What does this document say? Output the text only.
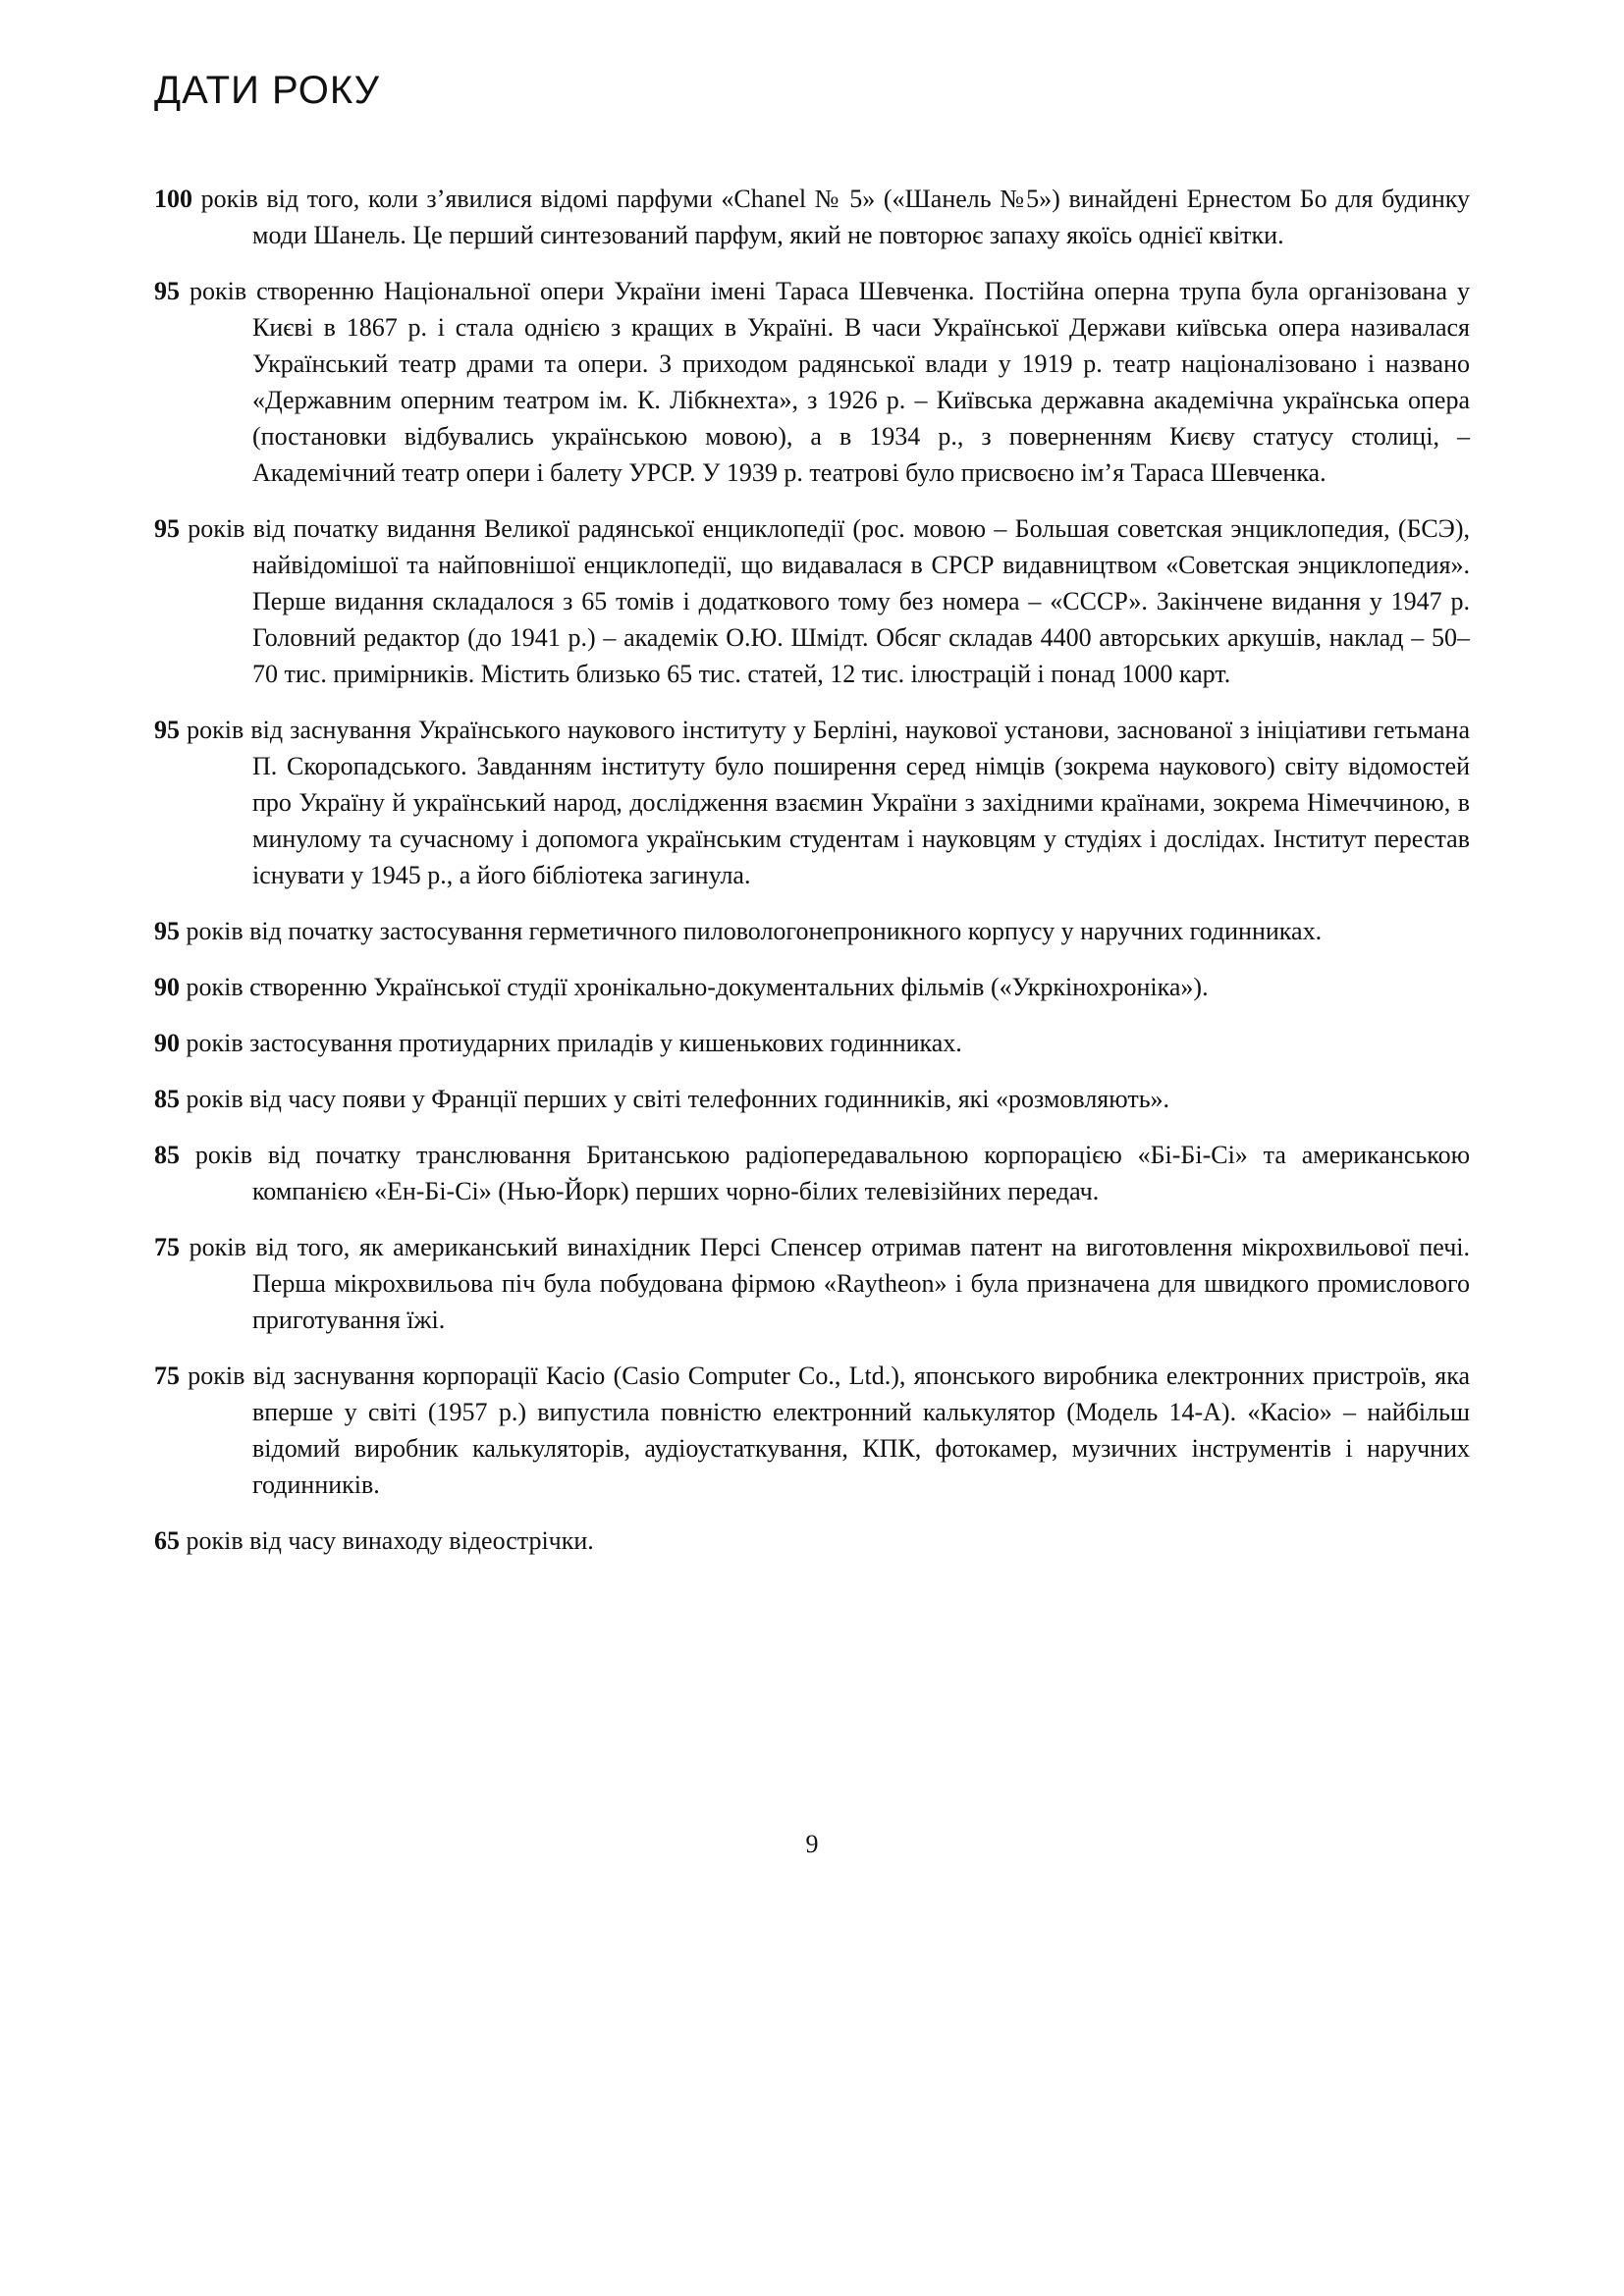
ДАТИ РОКУ

100 років від того, коли з’явилися відомі парфуми «Chanel № 5» («Шанель №5») винайдені Ернестом Бо для будинку моди Шанель. Це перший синтезований парфум, який не повторює запаху якоїсь однієї квітки.

95 років створенню Національної опери України імені Тараса Шевченка. Постійна оперна трупа була організована у Києві в 1867 р. і стала однією з кращих в Україні. В часи Української Держави київська опера називалася Український театр драми та опери. З приходом радянської влади у 1919 р. театр націоналізовано і названо «Державним оперним театром ім. К. Лібкнехта», з 1926 р. – Київська державна академічна українська опера (постановки відбувались українською мовою), а в 1934 р., з поверненням Києву статусу столиці, – Академічний театр опери і балету УРСР. У 1939 р. театрові було присвоєно ім’я Тараса Шевченка.

95 років від початку видання Великої радянської енциклопедії (рос. мовою – Большая советская энциклопедия, (БСЭ), найвідомішої та найповнішої енциклопедії, що видавалася в СРСР видавництвом «Советская энциклопедия». Перше видання складалося з 65 томів і додаткового тому без номера – «СССР». Закінчене видання у 1947 р. Головний редактор (до 1941 р.) – академік О.Ю. Шмідт. Обсяг складав 4400 авторських аркушів, наклад – 50–70 тис. примірників. Містить близько 65 тис. статей, 12 тис. ілюстрацій і понад 1000 карт.

95 років від заснування Українського наукового інституту у Берліні, наукової установи, заснованої з ініціативи гетьмана П. Скоропадського. Завданням інституту було поширення серед німців (зокрема наукового) світу відомостей про Україну й український народ, дослідження взаємин України з західними країнами, зокрема Німеччиною, в минулому та сучасному і допомога українським студентам і науковцям у студіях і дослідах. Інститут перестав існувати у 1945 р., а його бібліотека загинула.

95 років від початку застосування герметичного пиловологонепроникного корпусу у наручних годинниках.

90 років створенню Української студії хронікально-документальних фільмів («Укркінохроніка»).

90 років застосування протиударних приладів у кишенькових годинниках.

85 років від часу появи у Франції перших у світі телефонних годинників, які «розмовляють».

85 років від початку транслювання Британською радіопередавальною корпорацією «Бі-Бі-Сі» та американською компанією «Ен-Бі-Сі» (Нью-Йорк) перших чорно-білих телевізійних передач.

75 років від того, як американський винахідник Персі Спенсер отримав патент на виготовлення мікрохвильової печі. Перша мікрохвильова піч була побудована фірмою «Raytheon» і була призначена для швидкого промислового приготування їжі.

75 років від заснування корпорації Касіо (Casio Computer Co., Ltd.), японського виробника електронних пристроїв, яка вперше у світі (1957 р.) випустила повністю електронний калькулятор (Модель 14-А). «Касіо» – найбільш відомий виробник калькуляторів, аудіоустаткування, КПК, фотокамер, музичних інструментів і наручних годинників.

65 років від часу винаходу відеострічки.

9
